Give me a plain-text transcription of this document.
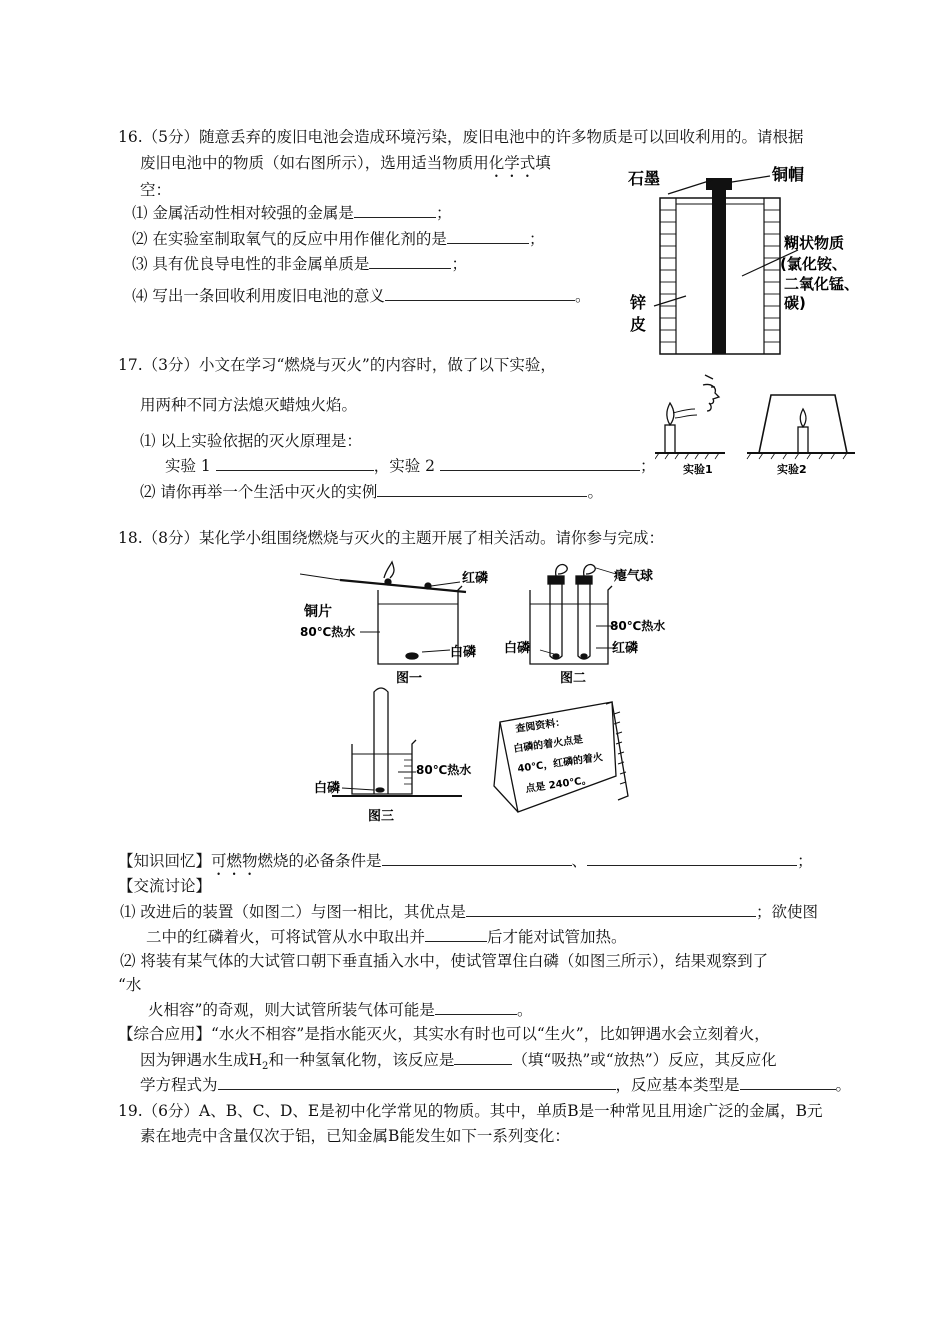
16.（5分）随意丢弃的废旧电池会造成环境污染，废旧电池中的许多物质是可以回收利用的。请根据
废旧电池中的物质（如右图所示），选用适当物质用化学式填
空：
⑴ 金属活动性相对较强的金属是	；
⑵ 在实验室制取氧气的反应中用作催化剂的是	；
⑶ 具有优良导电性的非金属单质是	；
⑷ 写出一条回收利用废旧电池的意义	。
石墨	铜帽
糊状物质
(氯化铵、
二氧化锰、
碳)
锌
皮
17.（3分）小文在学习“燃烧与灭火”的内容时，做了以下实验，
用两种不同方法熄灭蜡烛火焰。
⑴ 以上实验依据的灭火原理是：
实验 1	，实验 2	；
⑵ 请你再举一个生活中灭火的实例	。
实验1	实验2
18.（8分）某化学小组围绕燃烧与灭火的主题开展了相关活动。请你参与完成：
红磷
铜片
80℃热水
白磷
图一
瘪气球
80℃热水
白磷	红磷
图二
白磷
80℃热水
图三
查阅资料：
白磷的着火点是
40℃，红磷的着火
点是 240℃。
【知识回忆】可燃物燃烧的必备条件是	、	；
【交流讨论】
⑴ 改进后的装置（如图二）与图一相比，其优点是	；欲使图
二中的红磷着火，可将试管从水中取出并	后才能对试管加热。
⑵ 将装有某气体的大试管口朝下垂直插入水中，使试管罩住白磷（如图三所示），结果观察到了
“水
火相容”的奇观，则大试管所装气体可能是	。
【综合应用】“水火不相容”是指水能灭火，其实水有时也可以“生火”，比如钾遇水会立刻着火，
因为钾遇水生成$H_2$和一种氢氧化物，该反应是	（填“吸热”或“放热”）反应，其反应化
学方程式为	，反应基本类型是	。
19.（6分）A、B、C、D、E是初中化学常见的物质。其中，单质B是一种常见且用途广泛的金属，B元
素在地壳中含量仅次于铝，已知金属B能发生如下一系列变化：
